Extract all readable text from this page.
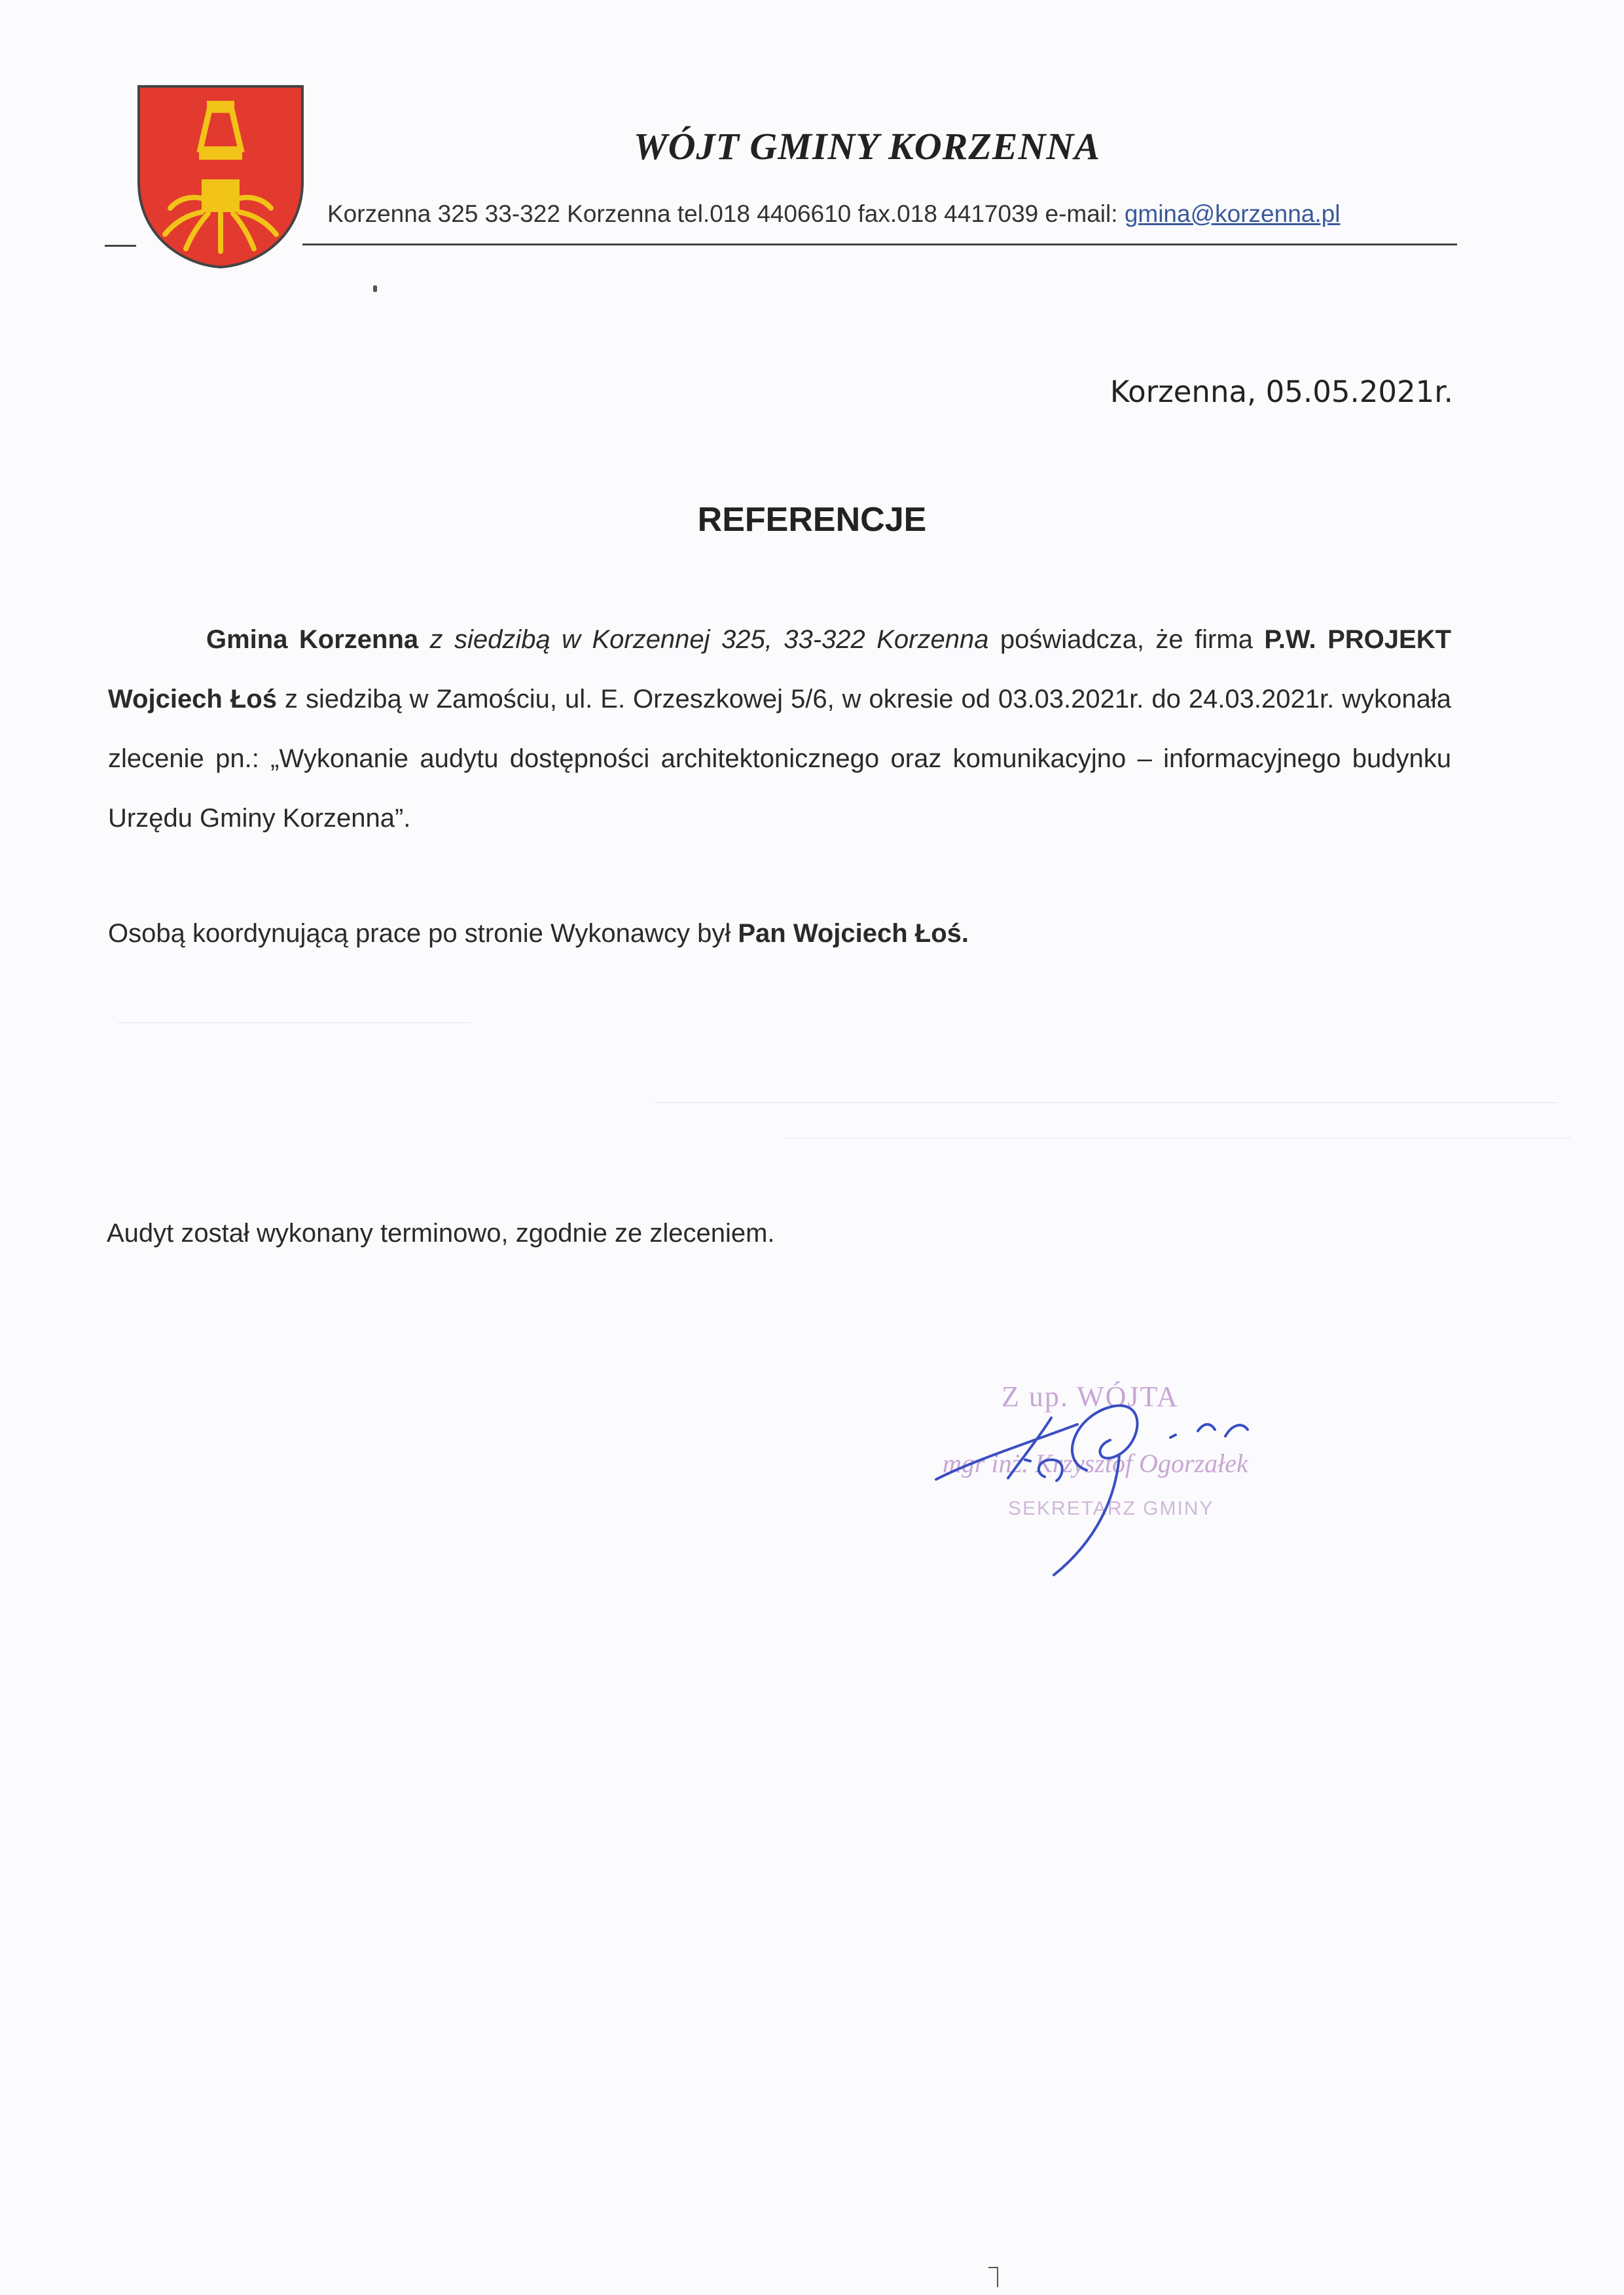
WÓJT GMINY KORZENNA
Korzenna 325 33-322 Korzenna tel.018 4406610 fax.018 4417039 e-mail: gmina@korzenna.pl
Korzenna, 05.05.2021r.
REFERENCJE
Gmina Korzenna z siedzibą w Korzennej 325, 33-322 Korzenna poświadcza, że firma P.W. PROJEKT Wojciech Łoś z siedzibą w Zamościu, ul. E. Orzeszkowej 5/6, w okresie od 03.03.2021r. do 24.03.2021r. wykonała zlecenie pn.: „Wykonanie audytu dostępności architektonicznego oraz komunikacyjno – informacyjnego budynku Urzędu Gminy Korzenna”.
Osobą koordynującą prace po stronie Wykonawcy był Pan Wojciech Łoś.
Audyt został wykonany terminowo, zgodnie ze zleceniem.
Z up. WÓJTA
mgr inż. Krzysztof Ogorzałek
SEKRETARZ GMINY
